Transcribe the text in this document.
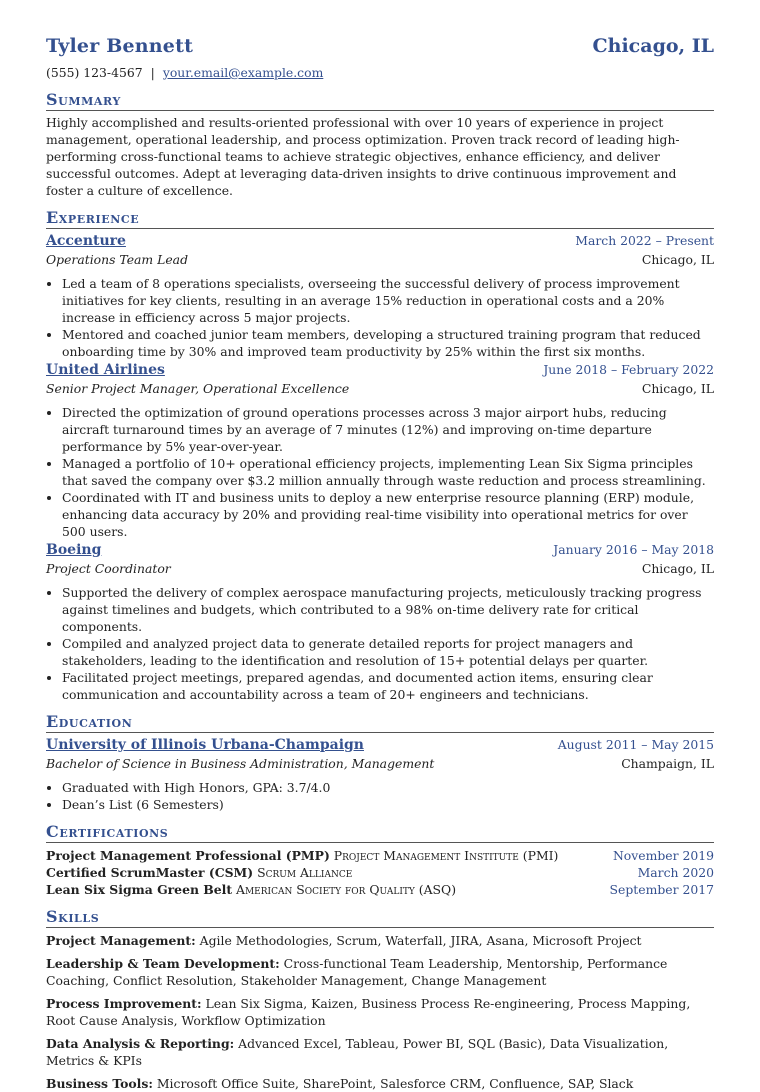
Tyler Bennett	Chicago, IL
(555) 123-4567 | your.email@example.com
Summary

Highly accomplished and results-oriented professional with over 10 years of experience in project management, operational leadership, and process optimization. Proven track record of leading high-performing cross-functional teams to achieve strategic objectives, enhance efficiency, and deliver successful outcomes. Adept at leveraging data-driven insights to drive continuous improvement and foster a culture of excellence.

Experience
Accenture	March 2022 – Present
Operations Team Lead	Chicago, IL
• Led a team of 8 operations specialists, overseeing the successful delivery of process improvement initiatives for key clients, resulting in an average 15% reduction in operational costs and a 20% increase in efficiency across 5 major projects.
• Mentored and coached junior team members, developing a structured training program that reduced onboarding time by 30% and improved team productivity by 25% within the first six months.
United Airlines	June 2018 – February 2022
Senior Project Manager, Operational Excellence	Chicago, IL
• Directed the optimization of ground operations processes across 3 major airport hubs, reducing aircraft turnaround times by an average of 7 minutes (12%) and improving on-time departure performance by 5% year-over-year.
• Managed a portfolio of 10+ operational efficiency projects, implementing Lean Six Sigma principles that saved the company over $3.2 million annually through waste reduction and process streamlining.
• Coordinated with IT and business units to deploy a new enterprise resource planning (ERP) module, enhancing data accuracy by 20% and providing real-time visibility into operational metrics for over 500 users.
Boeing	January 2016 – May 2018
Project Coordinator	Chicago, IL
• Supported the delivery of complex aerospace manufacturing projects, meticulously tracking progress against timelines and budgets, which contributed to a 98% on-time delivery rate for critical components.
• Compiled and analyzed project data to generate detailed reports for project managers and stakeholders, leading to the identification and resolution of 15+ potential delays per quarter.
• Facilitated project meetings, prepared agendas, and documented action items, ensuring clear communication and accountability across a team of 20+ engineers and technicians.
Education
University of Illinois Urbana-Champaign	August 2011 – May 2015
Bachelor of Science in Business Administration, Management	Champaign, IL
• Graduated with High Honors, GPA: 3.7/4.0
• Dean’s List (6 Semesters)
Certifications
Project Management Professional (PMP) Project Management Institute (PMI)	November 2019
Certified ScrumMaster (CSM) Scrum Alliance	March 2020
Lean Six Sigma Green Belt American Society for Quality (ASQ)	September 2017
Skills
Project Management: Agile Methodologies, Scrum, Waterfall, JIRA, Asana, Microsoft Project
Leadership & Team Development: Cross-functional Team Leadership, Mentorship, Performance Coaching, Conflict Resolution, Stakeholder Management, Change Management
Process Improvement: Lean Six Sigma, Kaizen, Business Process Re-engineering, Process Mapping, Root Cause Analysis, Workflow Optimization
Data Analysis & Reporting: Advanced Excel, Tableau, Power BI, SQL (Basic), Data Visualization, Metrics & KPIs
Business Tools: Microsoft Office Suite, SharePoint, Salesforce CRM, Confluence, SAP, Slack
